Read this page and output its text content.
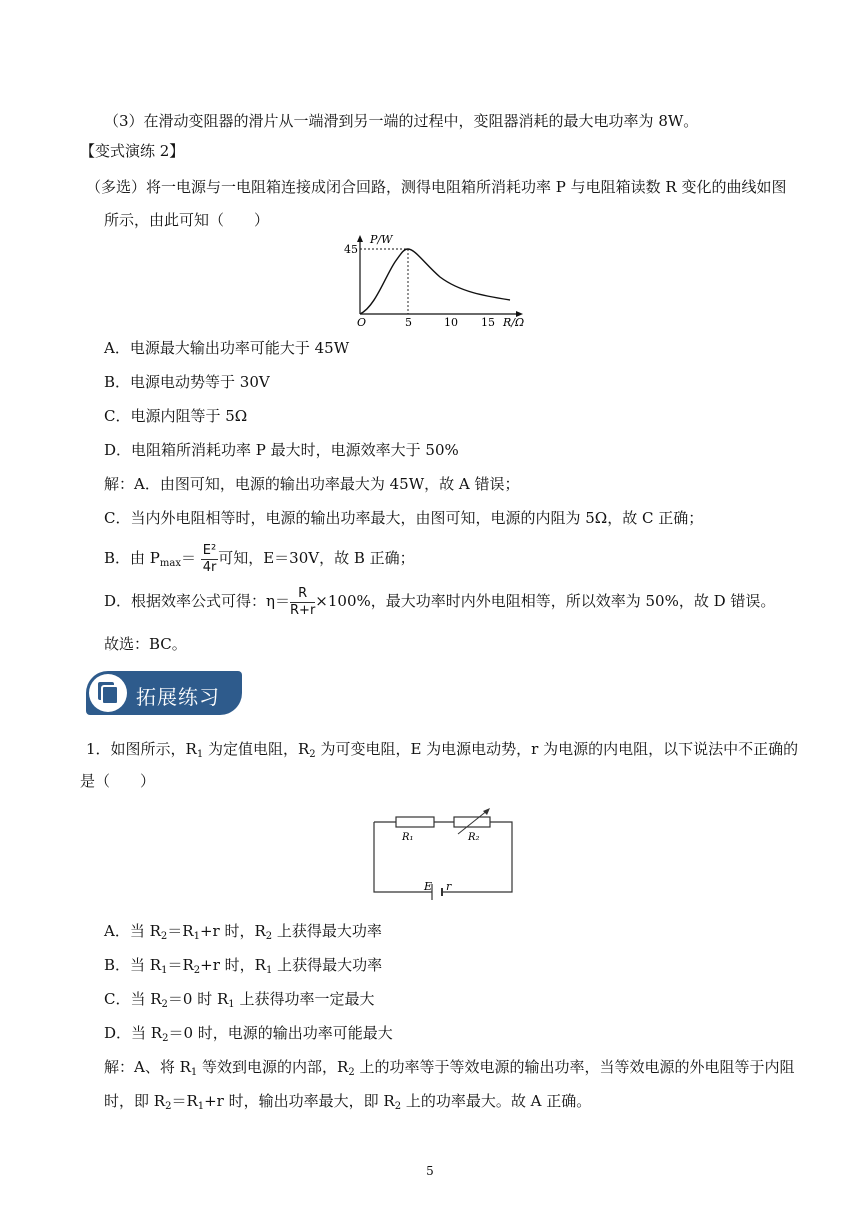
（3）在滑动变阻器的滑片从一端滑到另一端的过程中，变阻器消耗的最大电功率为 8W。
【变式演练 2】
（多选）将一电源与一电阻箱连接成闭合回路，测得电阻箱所消耗功率 P 与电阻箱读数 R 变化的曲线如图
所示，由此可知（　　）
P/W
45
O	5	10 15 R/Ω
A．电源最大输出功率可能大于 45W
B．电源电动势等于 30V
C．电源内阻等于 5Ω
D．电阻箱所消耗功率 P 最大时，电源效率大于 50%
解：A．由图可知，电源的输出功率最大为 45W，故 A 错误；
C．当内外电阻相等时，电源的输出功率最大，由图可知，电源的内阻为 5Ω，故 C 正确；
B．由 $P_{max}= \frac{\text{E²}}{4r}$ 可知，E＝30V，故 B 正确；
D．根据效率公式可得：$\eta= \frac{R}{R+r} \times 100\%$，最大功率时内外电阻相等，所以效率为 50%，故 D 错误。
故选：BC。
拓展练习
1．如图所示，$R_1$ 为定值电阻，$R_2$ 为可变电阻，E 为电源电动势，r 为电源的内电阻，以下说法中不正确的
是（　　）
R₁	R₂
E r
A．当 $R_2=R_1+r$ 时，$R_2$ 上获得最大功率
B．当 $R_1=R_2+r$ 时，$R_1$ 上获得最大功率
C．当 $R_2=0$ 时 $R_1$ 上获得功率一定最大
D．当 $R_2=0$ 时，电源的输出功率可能最大
解：A、将 $R_1$ 等效到电源的内部，$R_2$ 上的功率等于等效电源的输出功率，当等效电源的外电阻等于内阻
时，即 $R_2=R_1+r$ 时，输出功率最大，即 $R_2$ 上的功率最大。故 A 正确。
5
